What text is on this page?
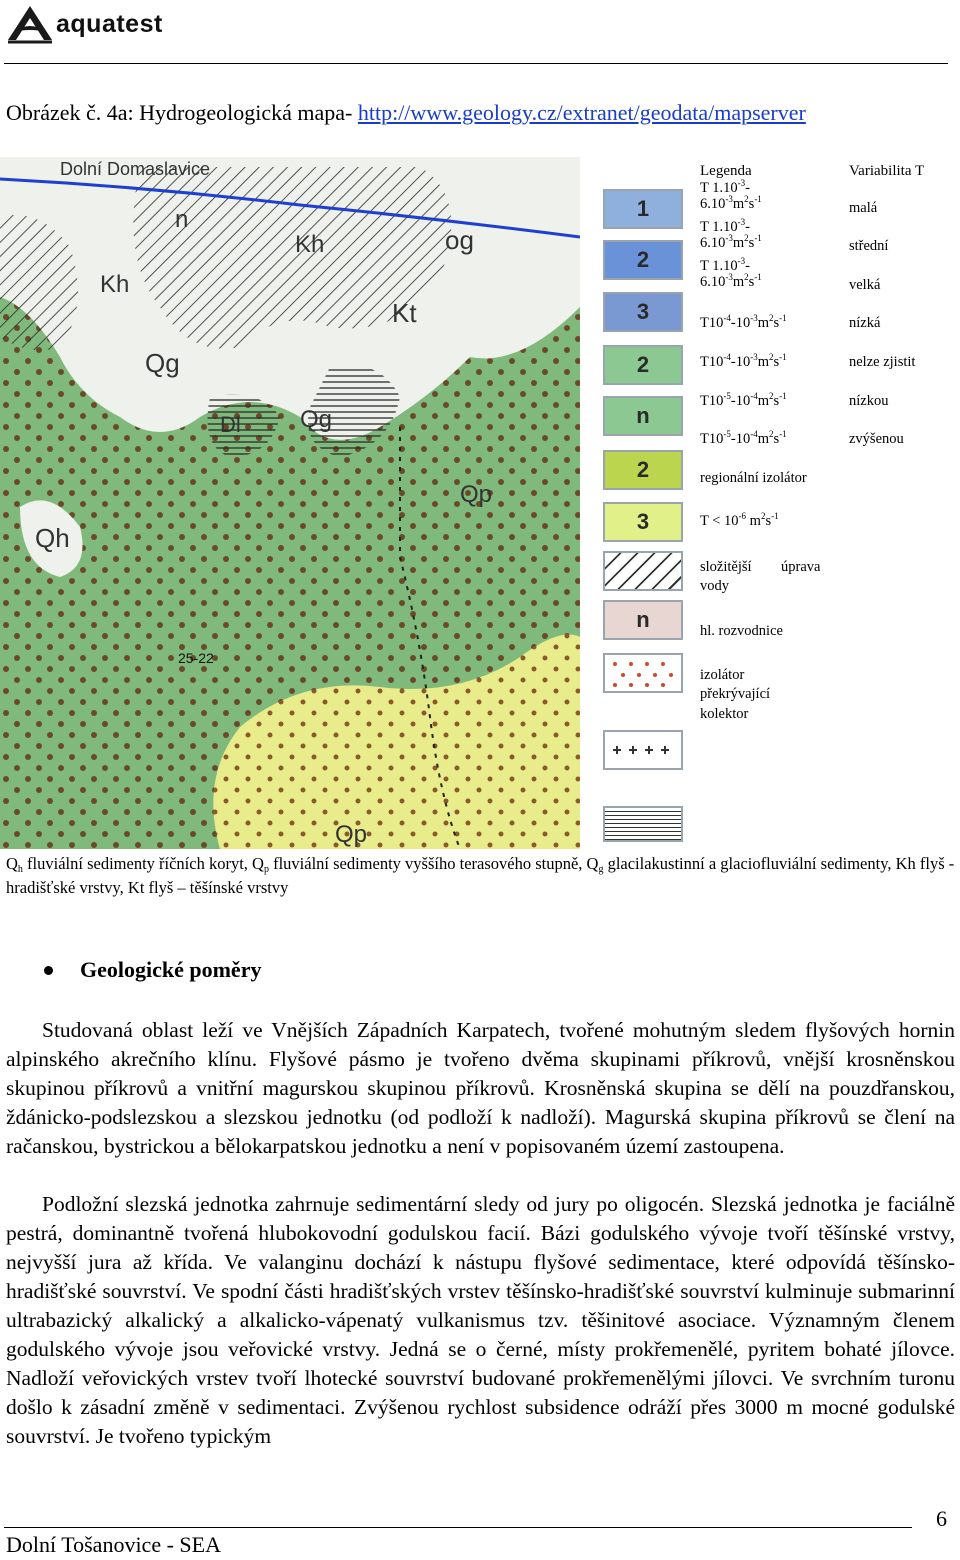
aquatest
Obrázek č. 4a: Hydrogeologická mapa- http://www.geology.cz/extranet/geodata/mapserver
Dolní Domaslavice
Kh
Kh
n
og
Kt
Qg
Qh
Dl Qg
Qp
Qp
25-22
1
2
3
2
n
2
3
n
Legenda	Variabilita T
T $1.10^{-3}-$
$6.10^{-3}m^2s^{-1}$
T $1.10^{-3}-$
$6.10^{-3}m^2s^{-1}$
T $1.10^{-3}-$
$6.10^{-3}m^2s^{-1}$
$T10^{-4}-10^{-3}m^2s^{-1}$
$T10^{-4}-10^{-3}m^2s^{-1}$
$T10^{-5}-10^{-4}m^2s^{-1}$
$T10^{-5}-10^{-4}m^2s^{-1}$
malá
střední
velká
nízká
nelze zjistit
nízkou
zvýšenou
regionální izolátor
$T < 10^{-6}$ $m^2s^{-1}$
složitější úprava
vody
hl. rozvodnice
izolátor
překrývající
kolektor
$Q_h$ fluviální sedimenty říčních koryt, $Q_p$ fluviální sedimenty vyššího terasového stupně, $Q_g$ glacilakustinní a glaciofluviální sedimenty, Kh flyš - hradišťské vrstvy, Kt flyš – těšínské vrstvy
Geologické poměry
Studovaná oblast leží ve Vnějších Západních Karpatech, tvořené mohutným sledem flyšových hornin alpinského akrečního klínu. Flyšové pásmo je tvořeno dvěma skupinami příkrovů, vnější krosněnskou skupinou příkrovů a vnitřní magurskou skupinou příkrovů. Krosněnská skupina se dělí na pouzdřanskou, ždánicko-podslezskou a slezskou jednotku (od podloží k nadloží). Magurská skupina příkrovů se člení na račanskou, bystrickou a bělokarpatskou jednotku a není v popisovaném území zastoupena.
Podložní slezská jednotka zahrnuje sedimentární sledy od jury po oligocén. Slezská jednotka je faciálně pestrá, dominantně tvořená hlubokovodní godulskou facií. Bázi godulského vývoje tvoří těšínské vrstvy, nejvyšší jura až křída. Ve valanginu dochází k nástupu flyšové sedimentace, které odpovídá těšínsko-hradišťské souvrství. Ve spodní části hradišťských vrstev těšínsko-hradišťské souvrství kulminuje submarinní ultrabazický alkalický a alkalicko-vápenatý vulkanismus tzv. těšinitové asociace. Významným členem godulského vývoje jsou veřovické vrstvy. Jedná se o černé, místy prokřemenělé, pyritem bohaté jílovce. Nadloží veřovických vrstev tvoří lhotecké souvrství budované prokřemenělými jílovci. Ve svrchním turonu došlo k zásadní změně v sedimentaci. Zvýšenou rychlost subsidence odráží přes 3000 m mocné godulské souvrství. Je tvořeno typickým
6
Dolní Tošanovice - SEA
